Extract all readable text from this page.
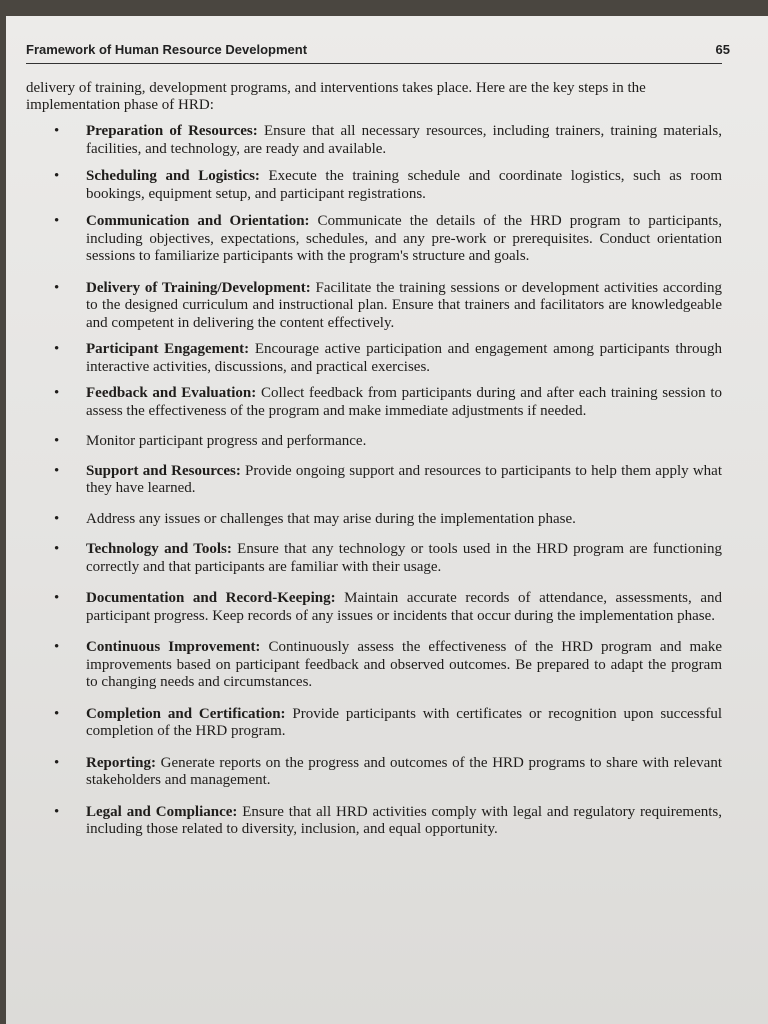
Framework of Human Resource Development	65

delivery of training, development programs, and interventions takes place. Here are the key steps in the implementation phase of HRD:

• Preparation of Resources: Ensure that all necessary resources, including trainers, training materials, facilities, and technology, are ready and available.
• Scheduling and Logistics: Execute the training schedule and coordinate logistics, such as room bookings, equipment setup, and participant registrations.
• Communication and Orientation: Communicate the details of the HRD program to participants, including objectives, expectations, schedules, and any pre-work or prerequisites. Conduct orientation sessions to familiarize participants with the program's structure and goals.
• Delivery of Training/Development: Facilitate the training sessions or development activities according to the designed curriculum and instructional plan. Ensure that trainers and facilitators are knowledgeable and competent in delivering the content effectively.
• Participant Engagement: Encourage active participation and engagement among participants through interactive activities, discussions, and practical exercises.
• Feedback and Evaluation: Collect feedback from participants during and after each training session to assess the effectiveness of the program and make immediate adjustments if needed.
• Monitor participant progress and performance.
• Support and Resources: Provide ongoing support and resources to participants to help them apply what they have learned.
• Address any issues or challenges that may arise during the implementation phase.
• Technology and Tools: Ensure that any technology or tools used in the HRD program are functioning correctly and that participants are familiar with their usage.
• Documentation and Record-Keeping: Maintain accurate records of attendance, assessments, and participant progress. Keep records of any issues or incidents that occur during the implementation phase.
• Continuous Improvement: Continuously assess the effectiveness of the HRD program and make improvements based on participant feedback and observed outcomes. Be prepared to adapt the program to changing needs and circumstances.
• Completion and Certification: Provide participants with certificates or recognition upon successful completion of the HRD program.
• Reporting: Generate reports on the progress and outcomes of the HRD programs to share with relevant stakeholders and management.
• Legal and Compliance: Ensure that all HRD activities comply with legal and regulatory requirements, including those related to diversity, inclusion, and equal opportunity.
